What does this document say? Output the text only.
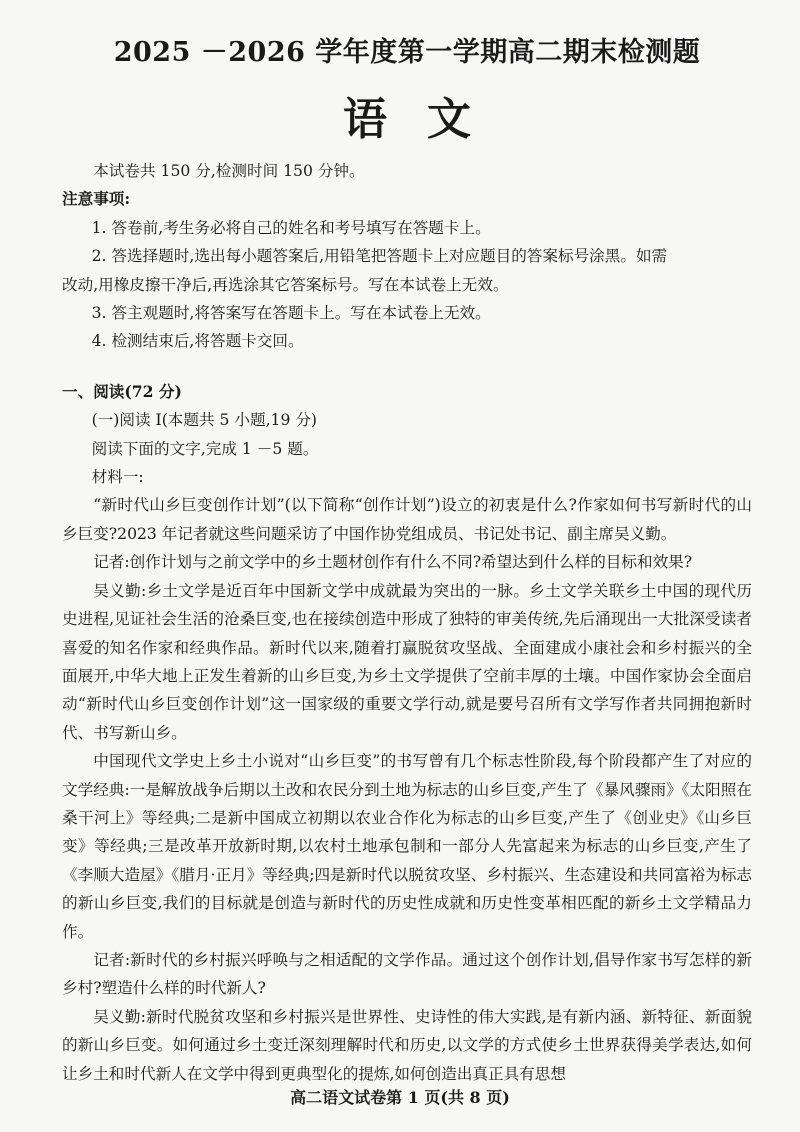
2025 －2026 学年度第一学期高二期末检测题
语文

本试卷共 150 分,检测时间 150 分钟。

注意事项:

1. 答卷前,考生务必将自己的姓名和考号填写在答题卡上。

2. 答选择题时,选出每小题答案后,用铅笔把答题卡上对应题目的答案标号涂黑。如需

改动,用橡皮擦干净后,再选涂其它答案标号。写在本试卷上无效。

3. 答主观题时,将答案写在答题卡上。写在本试卷上无效。

4. 检测结束后,将答题卡交回。

一、阅读(72 分)

(一)阅读 Ⅰ(本题共 5 小题,19 分)

阅读下面的文字,完成 1 －5 题。

材料一:

“新时代山乡巨变创作计划”(以下简称“创作计划”)设立的初衷是什么?作家如何书写新时代的山乡巨变?2023 年记者就这些问题采访了中国作协党组成员、书记处书记、副主席吴义勤。

记者:创作计划与之前文学中的乡土题材创作有什么不同?希望达到什么样的目标和效果?

吴义勤:乡土文学是近百年中国新文学中成就最为突出的一脉。乡土文学关联乡土中国的现代历史进程,见证社会生活的沧桑巨变,也在接续创造中形成了独特的审美传统,先后涌现出一大批深受读者喜爱的知名作家和经典作品。新时代以来,随着打赢脱贫攻坚战、全面建成小康社会和乡村振兴的全面展开,中华大地上正发生着新的山乡巨变,为乡土文学提供了空前丰厚的土壤。中国作家协会全面启动“新时代山乡巨变创作计划”这一国家级的重要文学行动,就是要号召所有文学写作者共同拥抱新时代、书写新山乡。

中国现代文学史上乡土小说对“山乡巨变”的书写曾有几个标志性阶段,每个阶段都产生了对应的文学经典:一是解放战争后期以土改和农民分到土地为标志的山乡巨变,产生了《暴风骤雨》《太阳照在桑干河上》等经典;二是新中国成立初期以农业合作化为标志的山乡巨变,产生了《创业史》《山乡巨变》等经典;三是改革开放新时期,以农村土地承包制和一部分人先富起来为标志的山乡巨变,产生了《李顺大造屋》《腊月·正月》等经典;四是新时代以脱贫攻坚、乡村振兴、生态建设和共同富裕为标志的新山乡巨变,我们的目标就是创造与新时代的历史性成就和历史性变革相匹配的新乡土文学精品力作。

记者:新时代的乡村振兴呼唤与之相适配的文学作品。通过这个创作计划,倡导作家书写怎样的新乡村?塑造什么样的时代新人?

吴义勤:新时代脱贫攻坚和乡村振兴是世界性、史诗性的伟大实践,是有新内涵、新特征、新面貌的新山乡巨变。如何通过乡土变迁深刻理解时代和历史,以文学的方式使乡土世界获得美学表达,如何让乡土和时代新人在文学中得到更典型化的提炼,如何创造出真正具有思想

高二语文试卷第 1 页(共 8 页)
